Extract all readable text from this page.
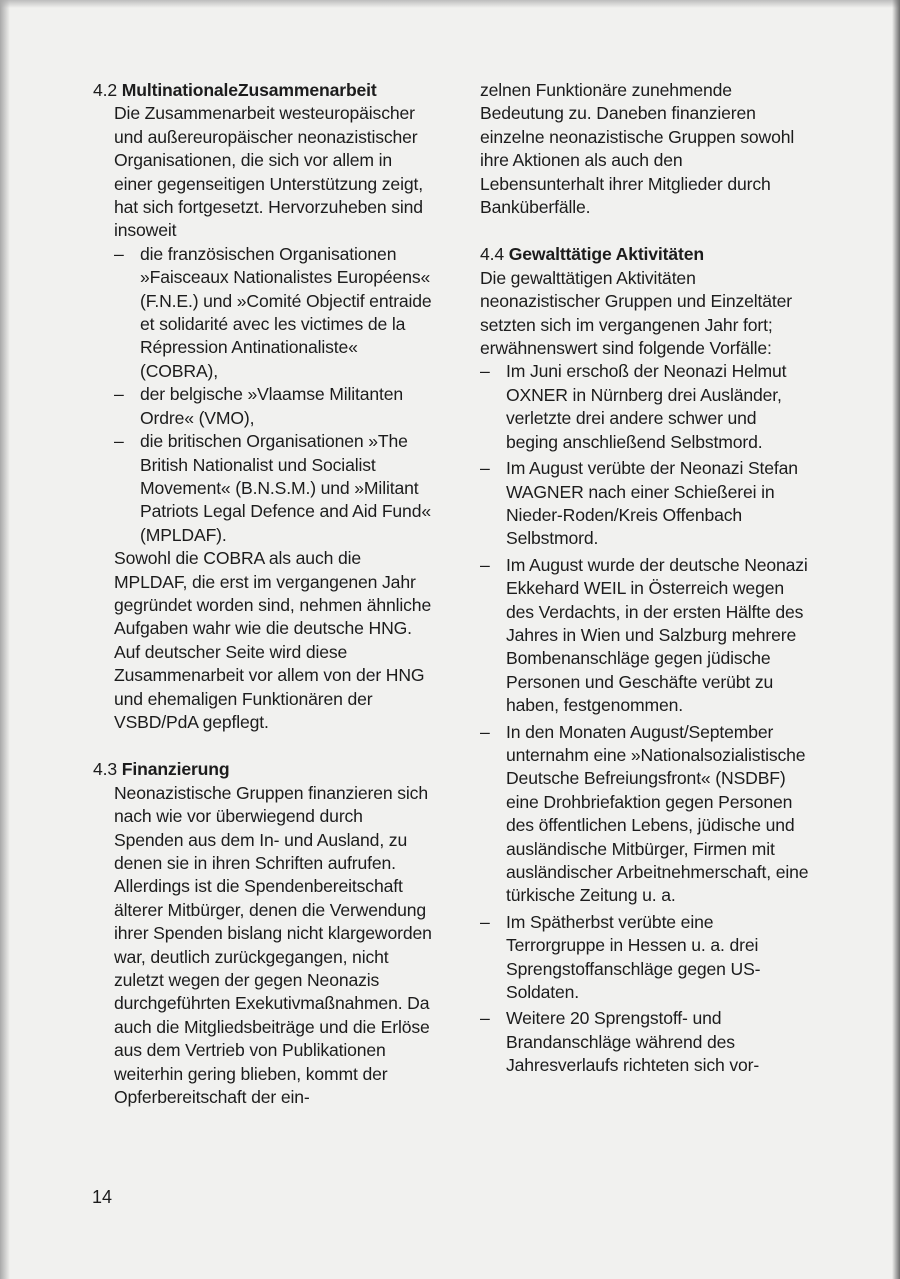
4.2 MultinationaleZusammenarbeit

Die Zusammenarbeit westeuropäischer und außereuropäischer neonazistischer Organisationen, die sich vor allem in einer gegenseitigen Unterstützung zeigt, hat sich fortgesetzt. Hervorzuheben sind insoweit

– die französischen Organisationen »Faisceaux Nationalistes Européens« (F.N.E.) und »Comité Objectif entraide et solidarité avec les victimes de la Répression Antinationaliste« (COBRA),
– der belgische »Vlaamse Militanten Ordre« (VMO),
– die britischen Organisationen »The British Nationalist und Socialist Movement« (B.N.S.M.) und »Militant Patriots Legal Defence and Aid Fund« (MPLDAF).

Sowohl die COBRA als auch die MPLDAF, die erst im vergangenen Jahr gegründet worden sind, nehmen ähnliche Aufgaben wahr wie die deutsche HNG.

Auf deutscher Seite wird diese Zusammenarbeit vor allem von der HNG und ehemaligen Funktionären der VSBD/PdA gepflegt.

4.3 Finanzierung

Neonazistische Gruppen finanzieren sich nach wie vor überwiegend durch Spenden aus dem In- und Ausland, zu denen sie in ihren Schriften aufrufen. Allerdings ist die Spendenbereitschaft älterer Mitbürger, denen die Verwendung ihrer Spenden bislang nicht klargeworden war, deutlich zurückgegangen, nicht zuletzt wegen der gegen Neonazis durchgeführten Exekutivmaßnahmen. Da auch die Mitgliedsbeiträge und die Erlöse aus dem Vertrieb von Publikationen weiterhin gering blieben, kommt der Opferbereitschaft der ein-

zelnen Funktionäre zunehmende Bedeutung zu. Daneben finanzieren einzelne neonazistische Gruppen sowohl ihre Aktionen als auch den Lebensunterhalt ihrer Mitglieder durch Banküberfälle.

4.4 Gewalttätige Aktivitäten

Die gewalttätigen Aktivitäten neonazistischer Gruppen und Einzeltäter setzten sich im vergangenen Jahr fort; erwähnenswert sind folgende Vorfälle:

– Im Juni erschoß der Neonazi Helmut OXNER in Nürnberg drei Ausländer, verletzte drei andere schwer und beging anschließend Selbstmord.
– Im August verübte der Neonazi Stefan WAGNER nach einer Schießerei in Nieder-Roden/Kreis Offenbach Selbstmord.
– Im August wurde der deutsche Neonazi Ekkehard WEIL in Österreich wegen des Verdachts, in der ersten Hälfte des Jahres in Wien und Salzburg mehrere Bombenanschläge gegen jüdische Personen und Geschäfte verübt zu haben, festgenommen.
– In den Monaten August/September unternahm eine »Nationalsozialistische Deutsche Befreiungsfront« (NSDBF) eine Drohbriefaktion gegen Personen des öffentlichen Lebens, jüdische und ausländische Mitbürger, Firmen mit ausländischer Arbeitnehmerschaft, eine türkische Zeitung u. a.
– Im Spätherbst verübte eine Terrorgruppe in Hessen u. a. drei Sprengstoffanschläge gegen US-Soldaten.
– Weitere 20 Sprengstoff- und Brandanschläge während des Jahresverlaufs richteten sich vor-
14
